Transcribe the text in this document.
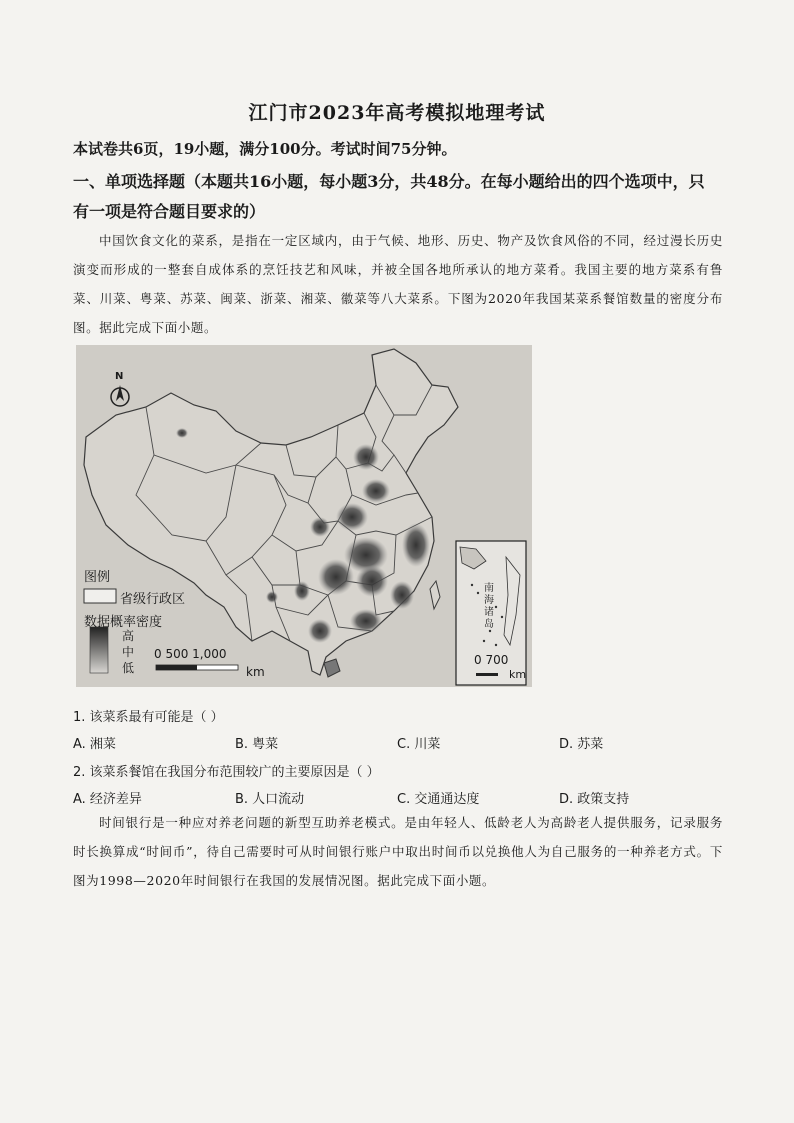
江门市2023年高考模拟地理考试
本试卷共6页，19小题，满分100分。考试时间75分钟。
一、单项选择题（本题共16小题，每小题3分，共48分。在每小题给出的四个选项中，只
有一项是符合题目要求的）
中国饮食文化的菜系，是指在一定区域内，由于气候、地形、历史、物产及饮食风俗的不同，经过漫长历史演变而形成的一整套自成体系的烹饪技艺和风味，并被全国各地所承认的地方菜肴。我国主要的地方菜系有鲁菜、川菜、粤菜、苏菜、闽菜、浙菜、湘菜、徽菜等八大菜系。下图为2020年我国某菜系餐馆数量的密度分布图。据此完成下面小题。
N
图例
省级行政区
数据概率密度
高
中
低
0 500 1,000
km
南海诸岛
0 700
km
1. 该菜系最有可能是（ ）
A. 湘菜	B. 粤菜	C. 川菜	D. 苏菜
2. 该菜系餐馆在我国分布范围较广的主要原因是（ ）
A. 经济差异	B. 人口流动	C. 交通通达度	D. 政策支持
时间银行是一种应对养老问题的新型互助养老模式。是由年轻人、低龄老人为高龄老人提供服务，记录服务时长换算成“时间币”，待自己需要时可从时间银行账户中取出时间币以兑换他人为自己服务的一种养老方式。下图为1998—2020年时间银行在我国的发展情况图。据此完成下面小题。
